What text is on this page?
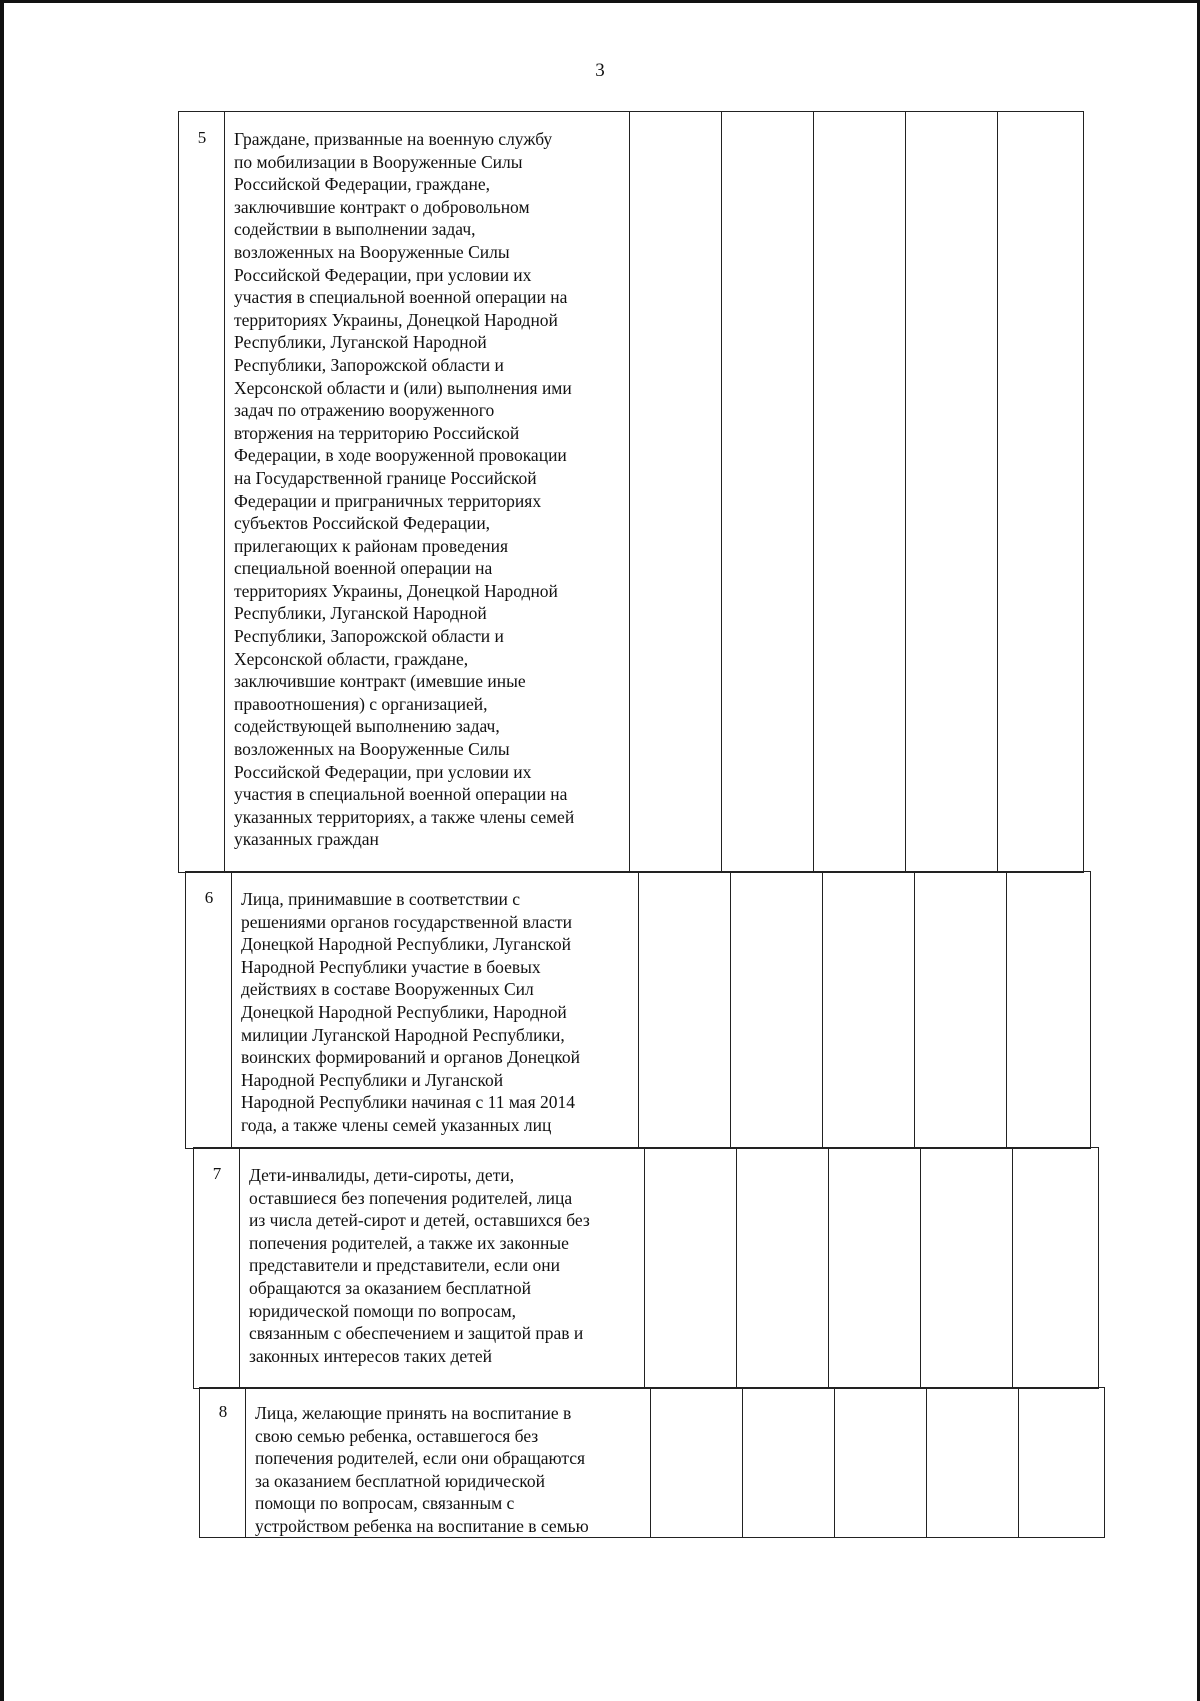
3
5	Граждане, призванные на военную службу
по мобилизации в Вооруженные Силы
Российской Федерации, граждане,
заключившие контракт о добровольном
содействии в выполнении задач,
возложенных на Вооруженные Силы
Российской Федерации, при условии их
участия в специальной военной операции на
территориях Украины, Донецкой Народной
Республики, Луганской Народной
Республики, Запорожской области и
Херсонской области и (или) выполнения ими
задач по отражению вооруженного
вторжения на территорию Российской
Федерации, в ходе вооруженной провокации
на Государственной границе Российской
Федерации и приграничных территориях
субъектов Российской Федерации,
прилегающих к районам проведения
специальной военной операции на
территориях Украины, Донецкой Народной
Республики, Луганской Народной
Республики, Запорожской области и
Херсонской области, граждане,
заключившие контракт (имевшие иные
правоотношения) с организацией,
содействующей выполнению задач,
возложенных на Вооруженные Силы
Российской Федерации, при условии их
участия в специальной военной операции на
указанных территориях, а также члены семей
указанных граждан
6	Лица, принимавшие в соответствии с
решениями органов государственной власти
Донецкой Народной Республики, Луганской
Народной Республики участие в боевых
действиях в составе Вооруженных Сил
Донецкой Народной Республики, Народной
милиции Луганской Народной Республики,
воинских формирований и органов Донецкой
Народной Республики и Луганской
Народной Республики начиная с 11 мая 2014
года, а также члены семей указанных лиц
7	Дети-инвалиды, дети-сироты, дети,
оставшиеся без попечения родителей, лица
из числа детей-сирот и детей, оставшихся без
попечения родителей, а также их законные
представители и представители, если они
обращаются за оказанием бесплатной
юридической помощи по вопросам,
связанным с обеспечением и защитой прав и
законных интересов таких детей
8	Лица, желающие принять на воспитание в
свою семью ребенка, оставшегося без
попечения родителей, если они обращаются
за оказанием бесплатной юридической
помощи по вопросам, связанным с
устройством ребенка на воспитание в семью
